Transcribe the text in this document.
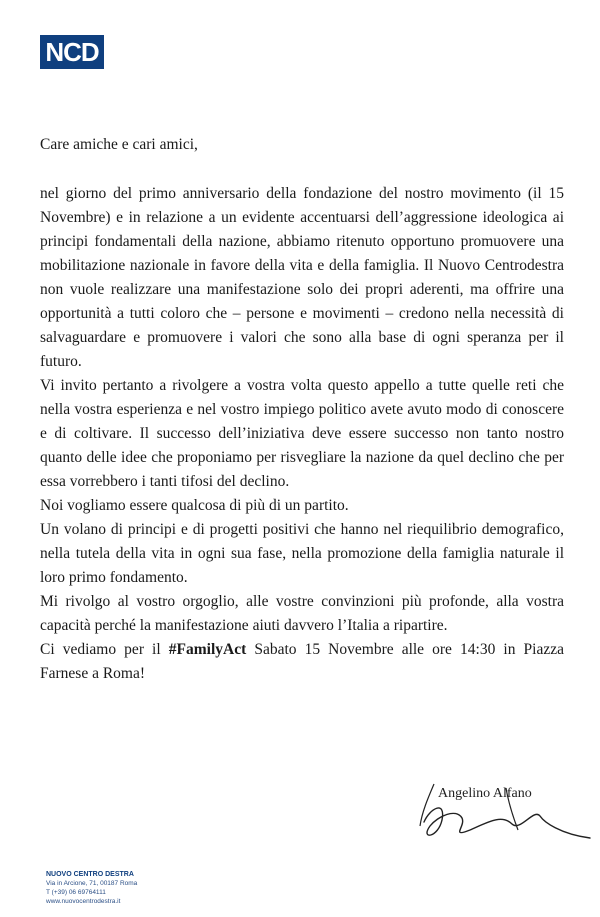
NCD
Care amiche e cari amici,

nel giorno del primo anniversario della fondazione del nostro movimento (il 15 Novembre) e in relazione a un evidente accentuarsi dell’aggressione ideologica ai principi fondamentali della nazione, abbiamo ritenuto opportuno promuovere una mobilitazione nazionale in favore della vita e della famiglia. Il Nuovo Centrodestra non vuole realizzare una manifestazione solo dei propri aderenti, ma offrire una opportunità a tutti coloro che – persone e movimenti – credono nella necessità di salvaguardare e promuovere i valori che sono alla base di ogni speranza per il futuro.

Vi invito pertanto a rivolgere a vostra volta questo appello a tutte quelle reti che nella vostra esperienza e nel vostro impiego politico avete avuto modo di conoscere e di coltivare. Il successo dell’iniziativa deve essere successo non tanto nostro quanto delle idee che proponiamo per risvegliare la nazione da quel declino che per essa vorrebbero i tanti tifosi del declino.

Noi vogliamo essere qualcosa di più di un partito.

Un volano di principi e di progetti positivi che hanno nel riequilibrio demografico, nella tutela della vita in ogni sua fase, nella promozione della famiglia naturale il loro primo fondamento.

Mi rivolgo al vostro orgoglio, alle vostre convinzioni più profonde, alla vostra capacità perché la manifestazione aiuti davvero l’Italia a ripartire.

Ci vediamo per il #FamilyAct Sabato 15 Novembre alle ore 14:30 in Piazza Farnese a Roma!

Angelino Alfano
NUOVO CENTRO DESTRA
Via in Arcione, 71, 00187 Roma
T (+39) 06 69764111
www.nuovocentrodestra.it
